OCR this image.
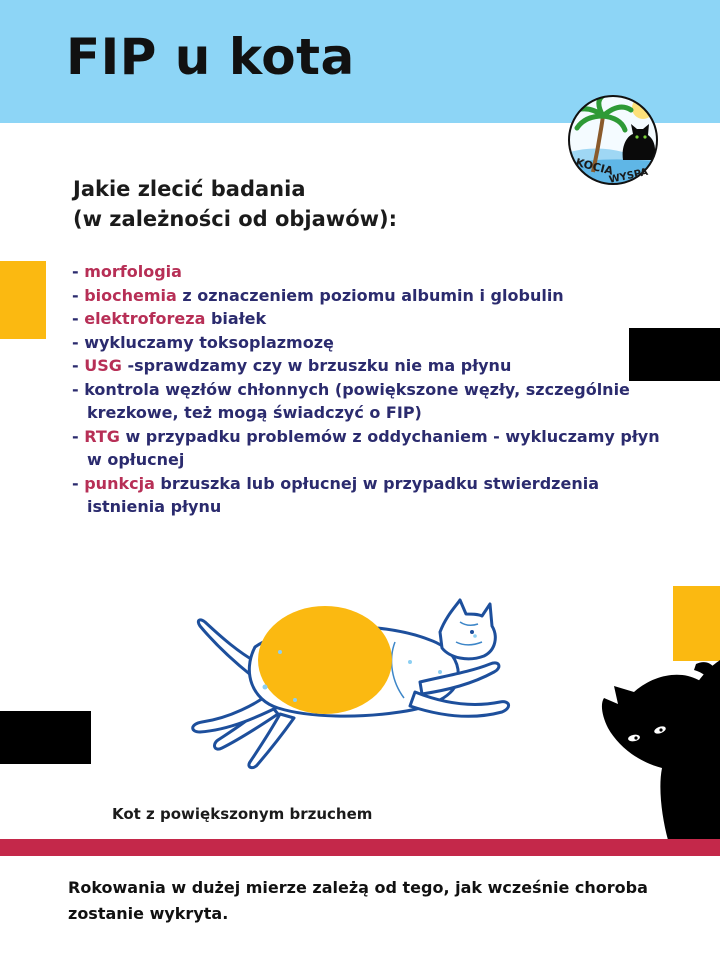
FIP u kota
KOCIA
WYSPA
Jakie zlecić badania
(w zależności od objawów):
- morfologia
- biochemia z oznaczeniem poziomu albumin i globulin
- elektroforeza białek
- wykluczamy toksoplazmozę
- USG -sprawdzamy czy w brzuszku nie ma płynu
- kontrola węzłów chłonnych (powiększone węzły, szczególnie krezkowe, też mogą świadczyć o FIP)
- RTG w przypadku problemów z oddychaniem - wykluczamy płyn w opłucnej
- punkcja brzuszka lub opłucnej w przypadku stwierdzenia istnienia płynu

Kot z powiększonym brzuchem

Rokowania w dużej mierze zależą od tego, jak wcześnie choroba zostanie wykryta.
